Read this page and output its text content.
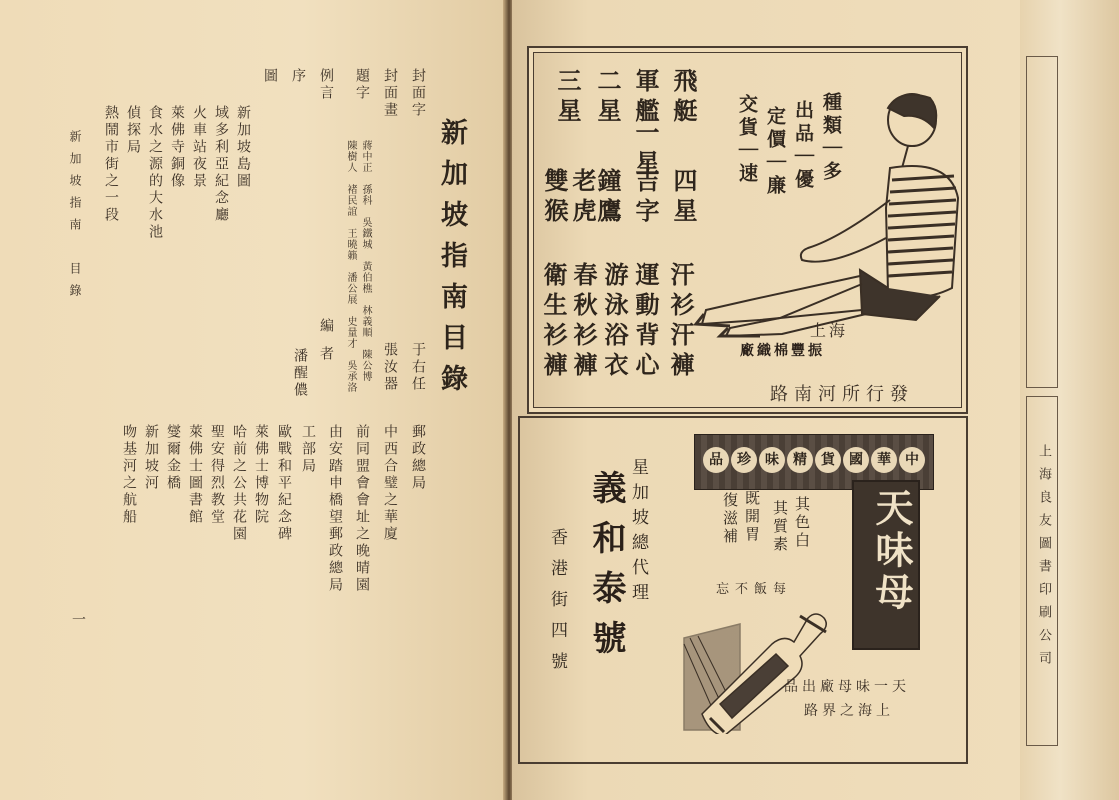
新加坡指南目錄
封面字
于右任
封面畫
張汝器
題字
蔣中正　孫科　吳鐵城　黃伯樵　林義順　陳公博
陳樹人　褚民誼　王曉籟　潘公展　史量才　吳承洛
例言
編者
序
潘醒儂
圖
新加坡島圖
域多利亞紀念廳
火車站夜景
萊佛寺銅像
食水之源的大水池
偵探局
熱鬧市街之一段
郵政總局
中西合璧之華廈
前同盟會會址之晚晴園
由安踏申橋望郵政總局
工部局
歐戰和平紀念碑
萊佛士博物院
哈前之公共花園
聖安得烈教堂
萊佛士圖書館
燮爾金橋
新加坡河
吻基河之航船
新加坡指南　目錄
一
飛艇
軍艦
一星
二星
三星
四星
吉字
鐘鷹
老虎
雙猴
汗衫汗褲
運動背心
游泳浴衣
春秋衫褲
衛生衫褲
種類｜多
出品｜優
定價｜廉
交貨｜速
上海
振豐棉織廠
發行所河南路
星加坡總代理
義和泰號
香港街四號
中
華
國
貨
精
味
珍
品
天味母
其色白
其質素
既開胃
復滋補
每飯不忘
天一味母廠出品
上海之界路
上海良友圖書印刷公司
